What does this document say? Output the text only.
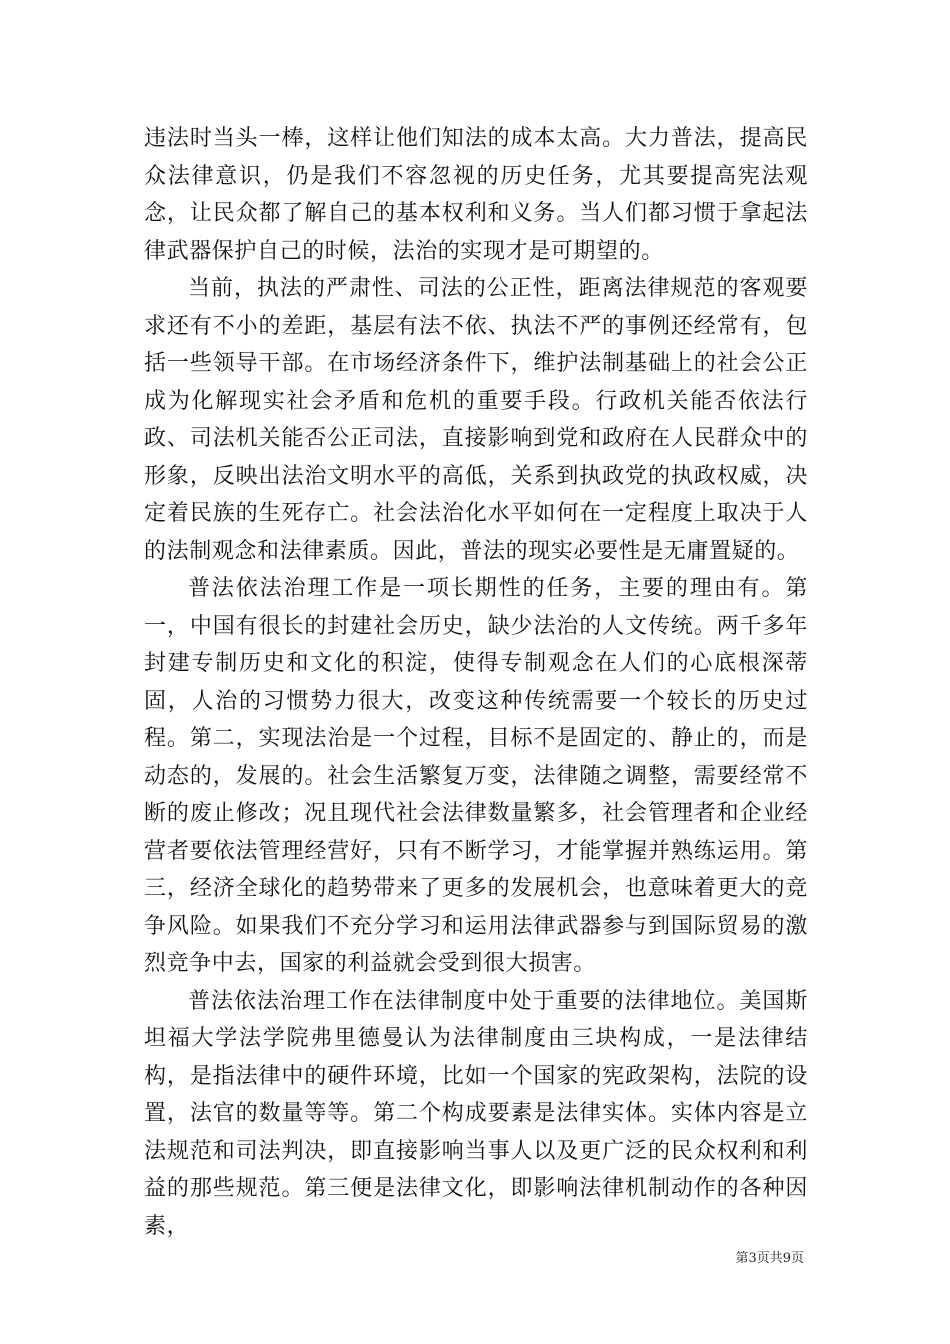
违法时当头一棒，这样让他们知法的成本太高。大力普法，提高民众法律意识，仍是我们不容忽视的历史任务，尤其要提高宪法观念，让民众都了解自己的基本权利和义务。当人们都习惯于拿起法律武器保护自己的时候，法治的实现才是可期望的。

当前，执法的严肃性、司法的公正性，距离法律规范的客观要求还有不小的差距，基层有法不依、执法不严的事例还经常有，包括一些领导干部。在市场经济条件下，维护法制基础上的社会公正成为化解现实社会矛盾和危机的重要手段。行政机关能否依法行政、司法机关能否公正司法，直接影响到党和政府在人民群众中的形象，反映出法治文明水平的高低，关系到执政党的执政权威，决定着民族的生死存亡。社会法治化水平如何在一定程度上取决于人的法制观念和法律素质。因此，普法的现实必要性是无庸置疑的。

普法依法治理工作是一项长期性的任务，主要的理由有。第一，中国有很长的封建社会历史，缺少法治的人文传统。两千多年封建专制历史和文化的积淀，使得专制观念在人们的心底根深蒂固，人治的习惯势力很大，改变这种传统需要一个较长的历史过程。第二，实现法治是一个过程，目标不是固定的、静止的，而是动态的，发展的。社会生活繁复万变，法律随之调整，需要经常不断的废止修改；况且现代社会法律数量繁多，社会管理者和企业经营者要依法管理经营好，只有不断学习，才能掌握并熟练运用。第三，经济全球化的趋势带来了更多的发展机会，也意味着更大的竞争风险。如果我们不充分学习和运用法律武器参与到国际贸易的激烈竞争中去，国家的利益就会受到很大损害。

普法依法治理工作在法律制度中处于重要的法律地位。美国斯坦福大学法学院弗里德曼认为法律制度由三块构成，一是法律结构，是指法律中的硬件环境，比如一个国家的宪政架构，法院的设置，法官的数量等等。第二个构成要素是法律实体。实体内容是立法规范和司法判决，即直接影响当事人以及更广泛的民众权利和利益的那些规范。第三便是法律文化，即影响法律机制动作的各种因素，

第3页共9页
